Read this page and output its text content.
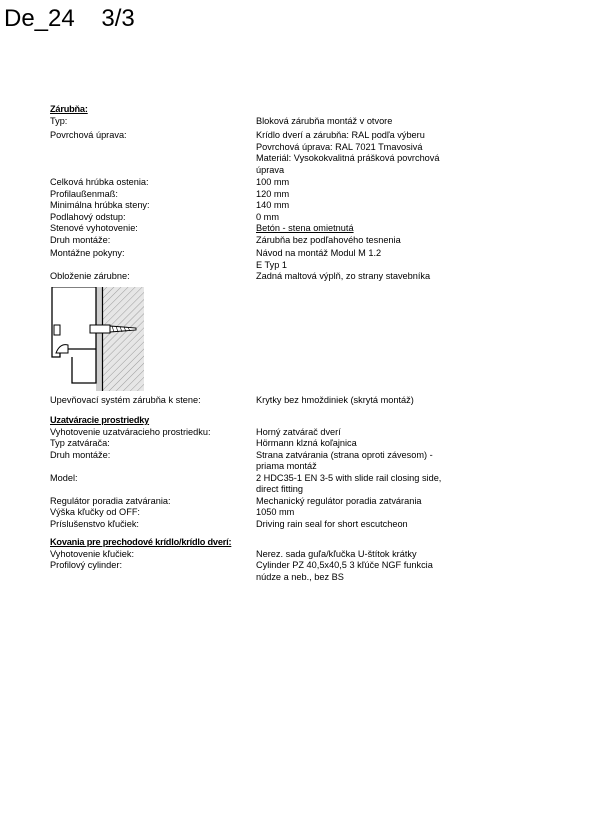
De_24 3/3
Zárubňa:
Typ:	Bloková zárubňa montáž v otvore
Povrchová úprava:	Krídlo dverí a zárubňa: RAL podľa výberu
Povrchová úprava: RAL 7021 Tmavosivá
Materiál: Vysokokvalitná prášková povrchová
úprava
Celková hrúbka ostenia:	100 mm
Profilaußenmaß:	120 mm
Minimálna hrúbka steny:	140 mm
Podlahový odstup:	0 mm
Stenové vyhotovenie:	Betón - stena omietnutá
Druh montáže:	Zárubňa bez podľahového tesnenia
Montážne pokyny:	Návod na montáž Modul M 1.2
E Typ 1
Obloženie zárubne:	Zadná maltová výplň, zo strany stavebníka
Upevňovací systém zárubňa k stene:	Krytky bez hmoždiniek (skrytá montáž)
Uzatváracie prostriedky
Vyhotovenie uzatváracieho prostriedku:	Horný zatvárač dverí
Typ zatvárača:	Hörmann klzná koľajnica
Druh montáže:	Strana zatvárania (strana oproti závesom) -
priama montáž
Model:	2 HDC35-1 EN 3-5 with slide rail closing side,
direct fitting
Regulátor poradia zatvárania:	Mechanický regulátor poradia zatvárania
Výška kľučky od OFF:	1050 mm
Príslušenstvo kľučiek:	Driving rain seal for short escutcheon
Kovania pre prechodové krídlo/krídlo dverí:
Vyhotovenie kľučiek:	Nerez. sada guľa/kľučka U-štítok krátky
Profilový cylinder:	Cylinder PZ 40,5x40,5 3 kľúče NGF funkcia
núdze a neb., bez BS
